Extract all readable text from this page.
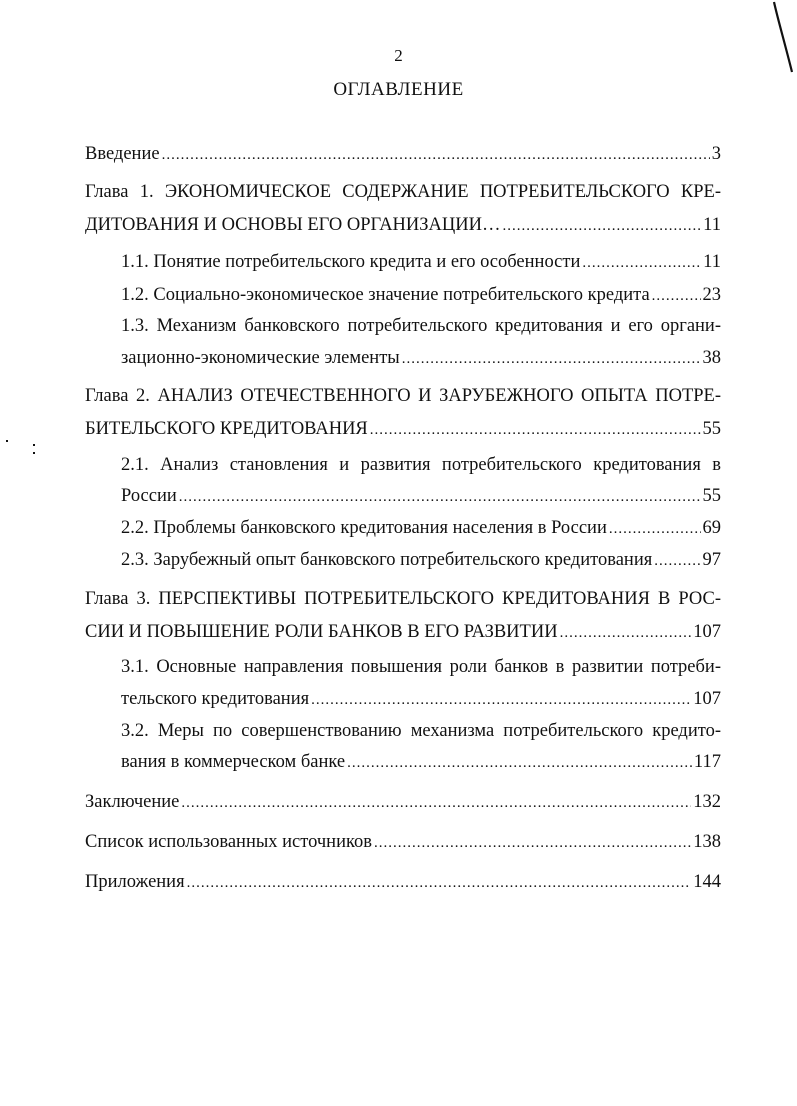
2
ОГЛАВЛЕНИЕ
Введение .....	3
Глава 1. ЭКОНОМИЧЕСКОЕ СОДЕРЖАНИЕ ПОТРЕБИТЕЛЬСКОГО КРЕ-
ДИТОВАНИЯ И ОСНОВЫ ЕГО ОРГАНИЗАЦИИ… .....	11
1.1. Понятие потребительского кредита и его особенности .....	11
1.2. Социально-экономическое значение потребительского кредита .....	23
1.3. Механизм банковского потребительского кредитования и его органи-
зационно-экономические элементы .....	38
Глава 2. АНАЛИЗ ОТЕЧЕСТВЕННОГО И ЗАРУБЕЖНОГО ОПЫТА ПОТРЕ-
БИТЕЛЬСКОГО КРЕДИТОВАНИЯ .....	55
2.1. Анализ становления и развития потребительского кредитования в
России .....	55
2.2. Проблемы банковского кредитования населения в России .....	69
2.3. Зарубежный опыт банковского потребительского кредитования .....	97
Глава 3. ПЕРСПЕКТИВЫ ПОТРЕБИТЕЛЬСКОГО КРЕДИТОВАНИЯ В РОС-
СИИ И ПОВЫШЕНИЕ РОЛИ БАНКОВ В ЕГО РАЗВИТИИ .....	107
3.1. Основные направления повышения роли банков в развитии потреби-
тельского кредитования .....	107
3.2. Меры по совершенствованию механизма потребительского кредито-
вания в коммерческом банке .....	117
Заключение .....	132
Список использованных источников .....	138
Приложения .....	144
